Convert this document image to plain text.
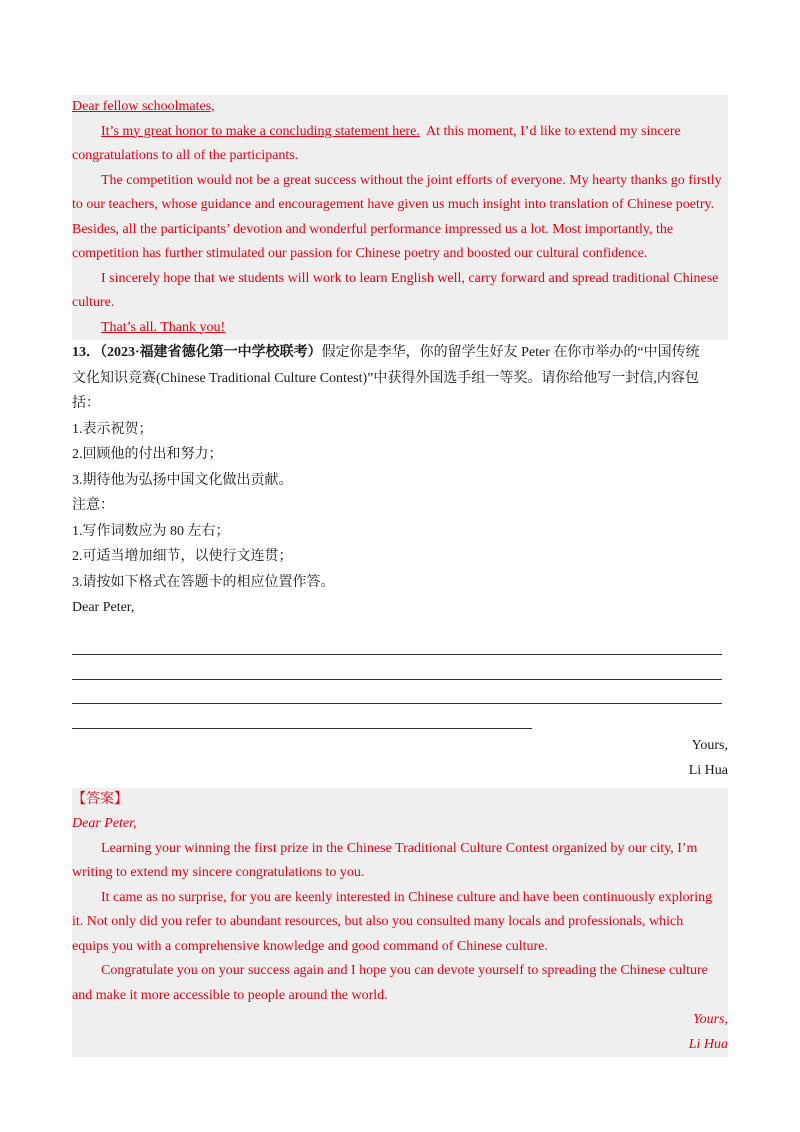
Dear fellow schoolmates,
It’s my great honor to make a concluding statement here. At this moment, I’d like to extend my sincere
congratulations to all of the participants.
The competition would not be a great success without the joint efforts of everyone. My hearty thanks go firstly
to our teachers, whose guidance and encouragement have given us much insight into translation of Chinese poetry.
Besides, all the participants’ devotion and wonderful performance impressed us a lot. Most importantly, the
competition has further stimulated our passion for Chinese poetry and boosted our cultural confidence.
I sincerely hope that we students will work to learn English well, carry forward and spread traditional Chinese
culture.
That’s all. Thank you!
13．（2023·福建省德化第一中学校联考）假定你是李华，你的留学生好友 Peter 在你市举办的“中国传统
文化知识竞赛(Chinese Traditional Culture Contest)”中获得外国选手组一等奖。请你给他写一封信,内容包
括：
1.表示祝贺；
2.回顾他的付出和努力；
3.期待他为弘扬中国文化做出贡献。
注意：
1.写作词数应为 80 左右；
2.可适当增加细节，以使行文连贯；
3.请按如下格式在答题卡的相应位置作答。
Dear Peter,
Yours,
Li Hua
【答案】
Dear Peter,
Learning your winning the first prize in the Chinese Traditional Culture Contest organized by our city, I’m
writing to extend my sincere congratulations to you.
It came as no surprise, for you are keenly interested in Chinese culture and have been continuously exploring
it. Not only did you refer to abundant resources, but also you consulted many locals and professionals, which
equips you with a comprehensive knowledge and good command of Chinese culture.
Congratulate you on your success again and I hope you can devote yourself to spreading the Chinese culture
and make it more accessible to people around the world.
Yours,
Li Hua
